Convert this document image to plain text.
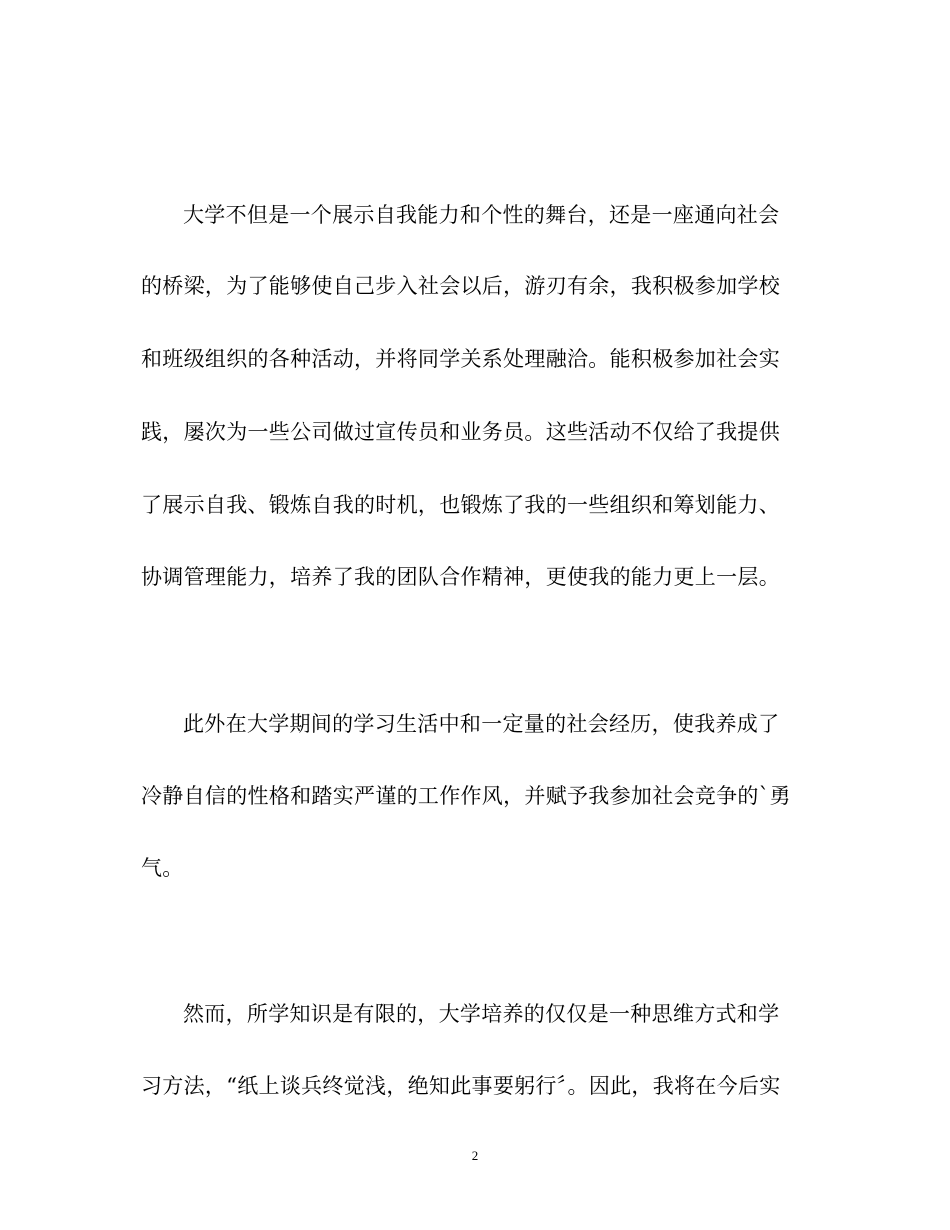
大学不但是一个展示自我能力和个性的舞台，还是一座通向社会
的桥梁，为了能够使自己步入社会以后，游刃有余，我积极参加学校
和班级组织的各种活动，并将同学关系处理融洽。能积极参加社会实
践，屡次为一些公司做过宣传员和业务员。这些活动不仅给了我提供
了展示自我、锻炼自我的时机，也锻炼了我的一些组织和筹划能力、
协调管理能力，培养了我的团队合作精神，更使我的能力更上一层。
此外在大学期间的学习生活中和一定量的社会经历，使我养成了
冷静自信的性格和踏实严谨的工作作风，并赋予我参加社会竞争的`勇
气。
然而，所学知识是有限的，大学培养的仅仅是一种思维方式和学
习方法，“纸上谈兵终觉浅，绝知此事要躬行〞。因此，我将在今后实
2
